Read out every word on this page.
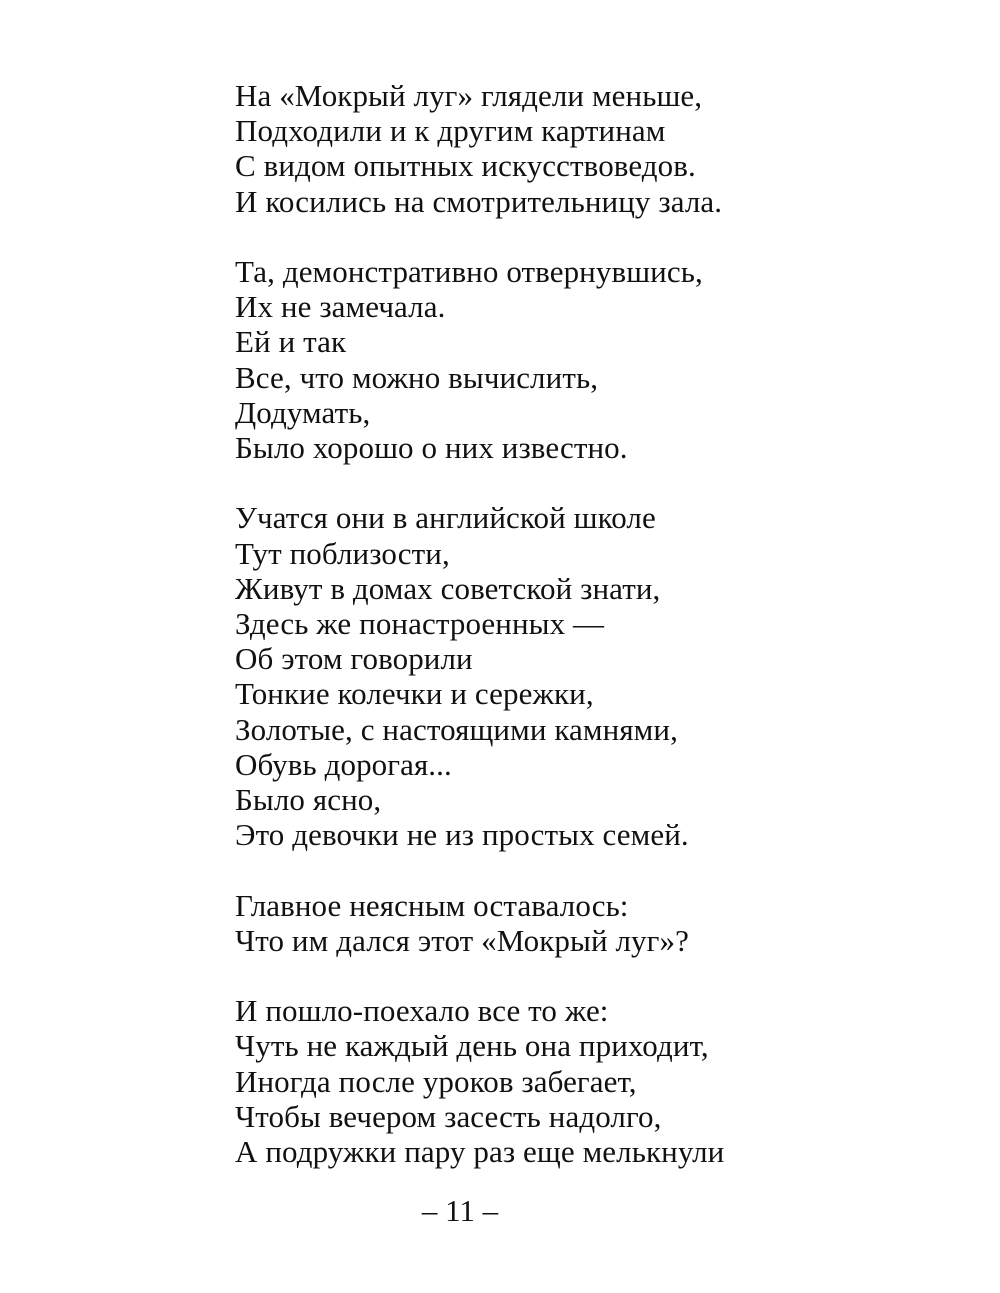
На «Мокрый луг» глядели меньше,
Подходили и к другим картинам
С видом опытных искусствоведов.
И косились на смотрительницу зала.

Та, демонстративно отвернувшись,
Их не замечала.
Ей и так
Все, что можно вычислить,
Додумать,
Было хорошо о них известно.

Учатся они в английской школе
Тут поблизости,
Живут в домах советской знати,
Здесь же понастроенных —
Об этом говорили
Тонкие колечки и сережки,
Золотые, с настоящими камнями,
Обувь дорогая...
Было ясно,
Это девочки не из простых семей.

Главное неясным оставалось:
Что им дался этот «Мокрый луг»?

И пошло-поехало все то же:
Чуть не каждый день она приходит,
Иногда после уроков забегает,
Чтобы вечером засесть надолго,
А подружки пару раз еще мелькнули

– 11 –
